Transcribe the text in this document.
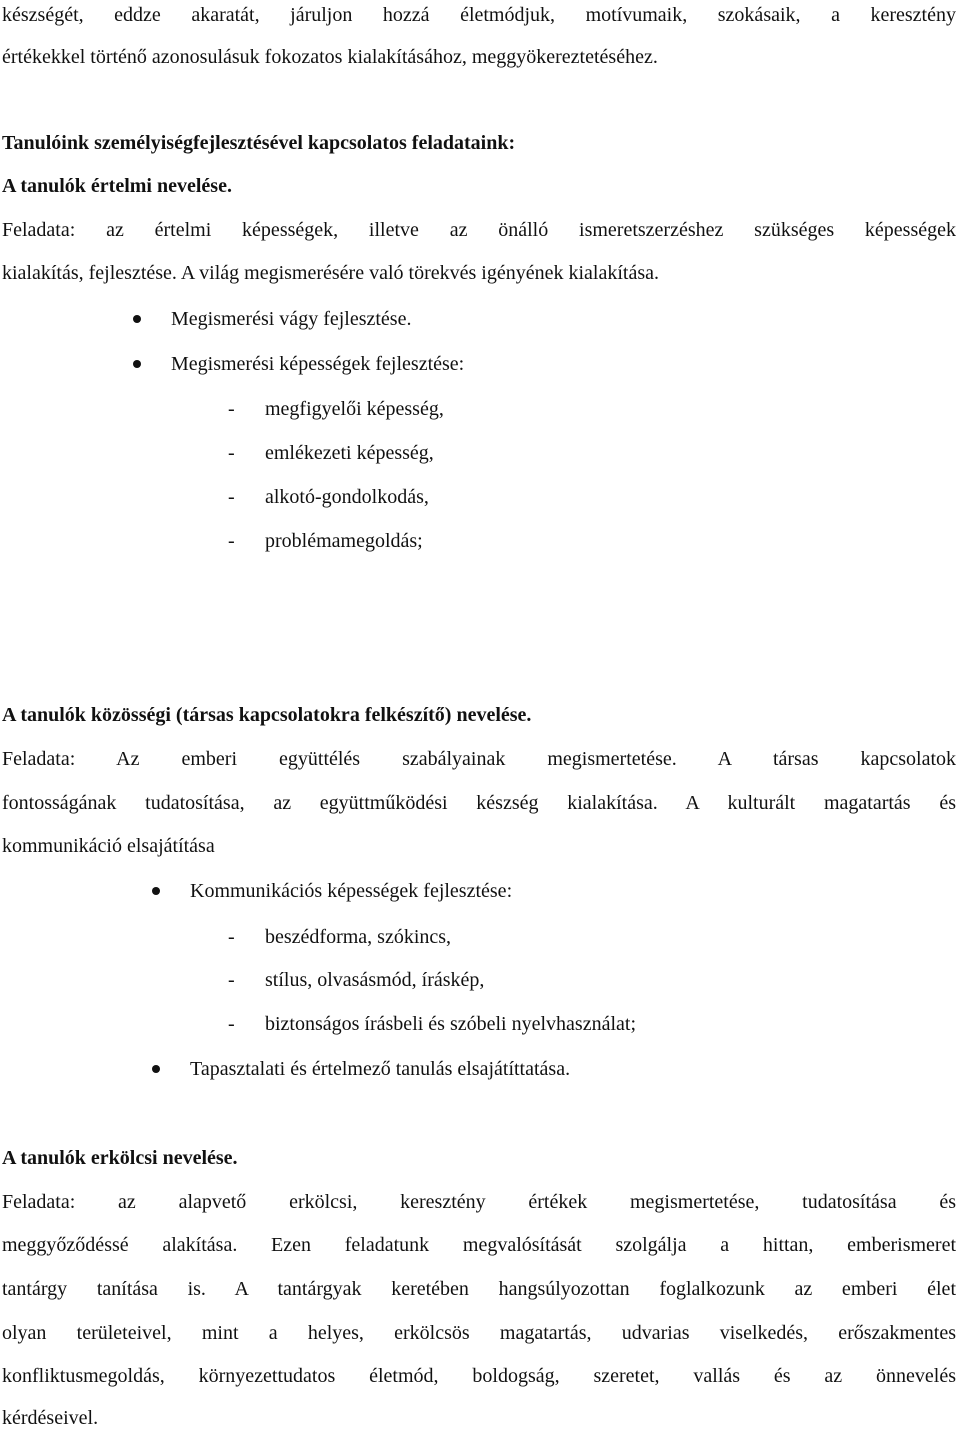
készségét, eddze akaratát, járuljon hozzá életmódjuk, motívumaik, szokásaik, a keresztény
értékekkel történő azonosulásuk fokozatos kialakításához, meggyökereztetéséhez.
Tanulóink személyiségfejlesztésével kapcsolatos feladataink:
A tanulók értelmi nevelése.
Feladata: az értelmi képességek, illetve az önálló ismeretszerzéshez szükséges képességek
kialakítás, fejlesztése. A világ megismerésére való törekvés igényének kialakítása.
Megismerési vágy fejlesztése.
Megismerési képességek fejlesztése:
- megfigyelői képesség,
- emlékezeti képesség,
- alkotó-gondolkodás,
- problémamegoldás;
A tanulók közösségi (társas kapcsolatokra felkészítő) nevelése.
Feladata: Az emberi együttélés szabályainak megismertetése. A társas kapcsolatok
fontosságának tudatosítása, az együttműködési készség kialakítása. A kulturált magatartás és
kommunikáció elsajátítása
Kommunikációs képességek fejlesztése:
- beszédforma, szókincs,
- stílus, olvasásmód, íráskép,
- biztonságos írásbeli és szóbeli nyelvhasználat;
Tapasztalati és értelmező tanulás elsajátíttatása.
A tanulók erkölcsi nevelése.
Feladata: az alapvető erkölcsi, keresztény értékek megismertetése, tudatosítása és
meggyőződéssé alakítása. Ezen feladatunk megvalósítását szolgálja a hittan, emberismeret
tantárgy tanítása is. A tantárgyak keretében hangsúlyozottan foglalkozunk az emberi élet
olyan területeivel, mint a helyes, erkölcsös magatartás, udvarias viselkedés, erőszakmentes
konfliktusmegoldás, környezettudatos életmód, boldogság, szeretet, vallás és az önnevelés
kérdéseivel.
